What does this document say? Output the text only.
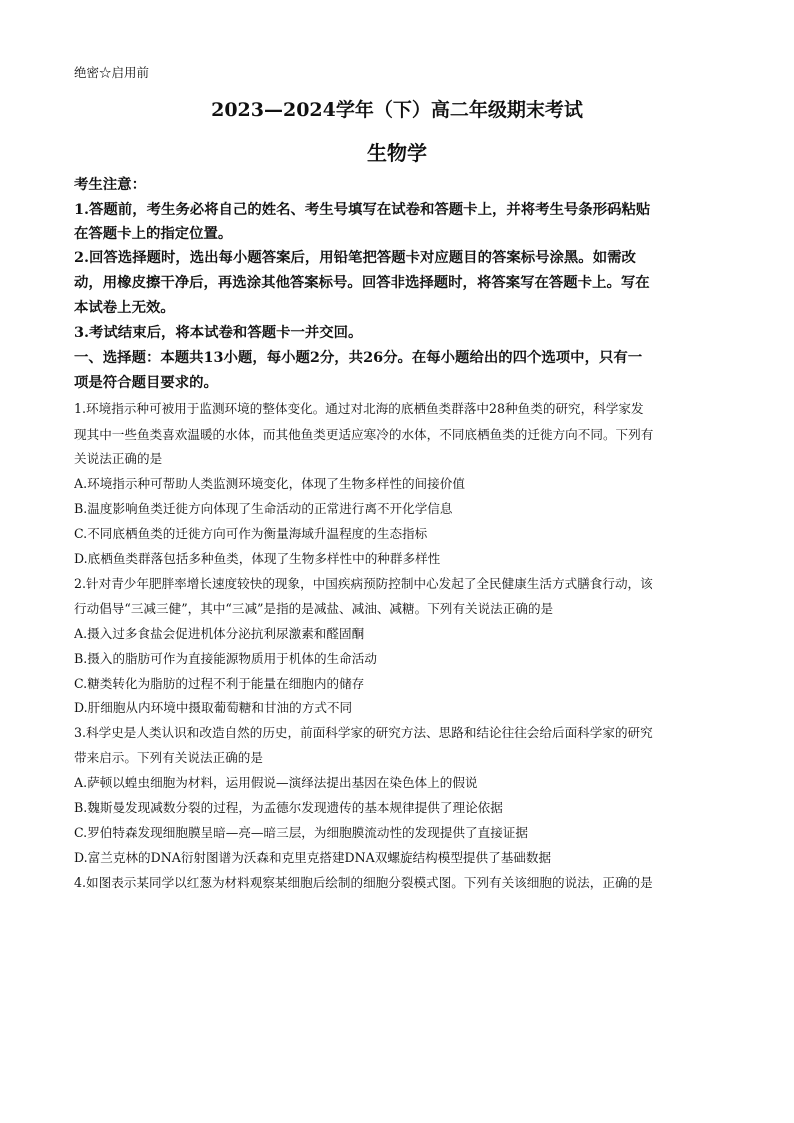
绝密☆启用前
2023—2024学年（下）高二年级期末考试
生物学
考生注意：
1.答题前，考生务必将自己的姓名、考生号填写在试卷和答题卡上，并将考生号条形码粘贴
在答题卡上的指定位置。
2.回答选择题时，选出每小题答案后，用铅笔把答题卡对应题目的答案标号涂黑。如需改
动，用橡皮擦干净后，再选涂其他答案标号。回答非选择题时，将答案写在答题卡上。写在
本试卷上无效。
3.考试结束后，将本试卷和答题卡一并交回。
一、选择题：本题共13小题，每小题2分，共26分。在每小题给出的四个选项中，只有一
项是符合题目要求的。
1.环境指示种可被用于监测环境的整体变化。通过对北海的底栖鱼类群落中28种鱼类的研究，科学家发
现其中一些鱼类喜欢温暖的水体，而其他鱼类更适应寒冷的水体，不同底栖鱼类的迁徙方向不同。下列有
关说法正确的是
A.环境指示种可帮助人类监测环境变化，体现了生物多样性的间接价值
B.温度影响鱼类迁徙方向体现了生命活动的正常进行离不开化学信息
C.不同底栖鱼类的迁徙方向可作为衡量海域升温程度的生态指标
D.底栖鱼类群落包括多种鱼类，体现了生物多样性中的种群多样性
2.针对青少年肥胖率增长速度较快的现象，中国疾病预防控制中心发起了全民健康生活方式膳食行动，该
行动倡导“三减三健”，其中“三减”是指的是减盐、减油、减糖。下列有关说法正确的是
A.摄入过多食盐会促进机体分泌抗利尿激素和醛固酮
B.摄入的脂肪可作为直接能源物质用于机体的生命活动
C.糖类转化为脂肪的过程不利于能量在细胞内的储存
D.肝细胞从内环境中摄取葡萄糖和甘油的方式不同
3.科学史是人类认识和改造自然的历史，前面科学家的研究方法、思路和结论往往会给后面科学家的研究
带来启示。下列有关说法正确的是
A.萨顿以蝗虫细胞为材料，运用假说—演绎法提出基因在染色体上的假说
B.魏斯曼发现减数分裂的过程，为孟德尔发现遗传的基本规律提供了理论依据
C.罗伯特森发现细胞膜呈暗—亮—暗三层，为细胞膜流动性的发现提供了直接证据
D.富兰克林的DNA衍射图谱为沃森和克里克搭建DNA双螺旋结构模型提供了基础数据
4.如图表示某同学以红葱为材料观察某细胞后绘制的细胞分裂模式图。下列有关该细胞的说法，正确的是
